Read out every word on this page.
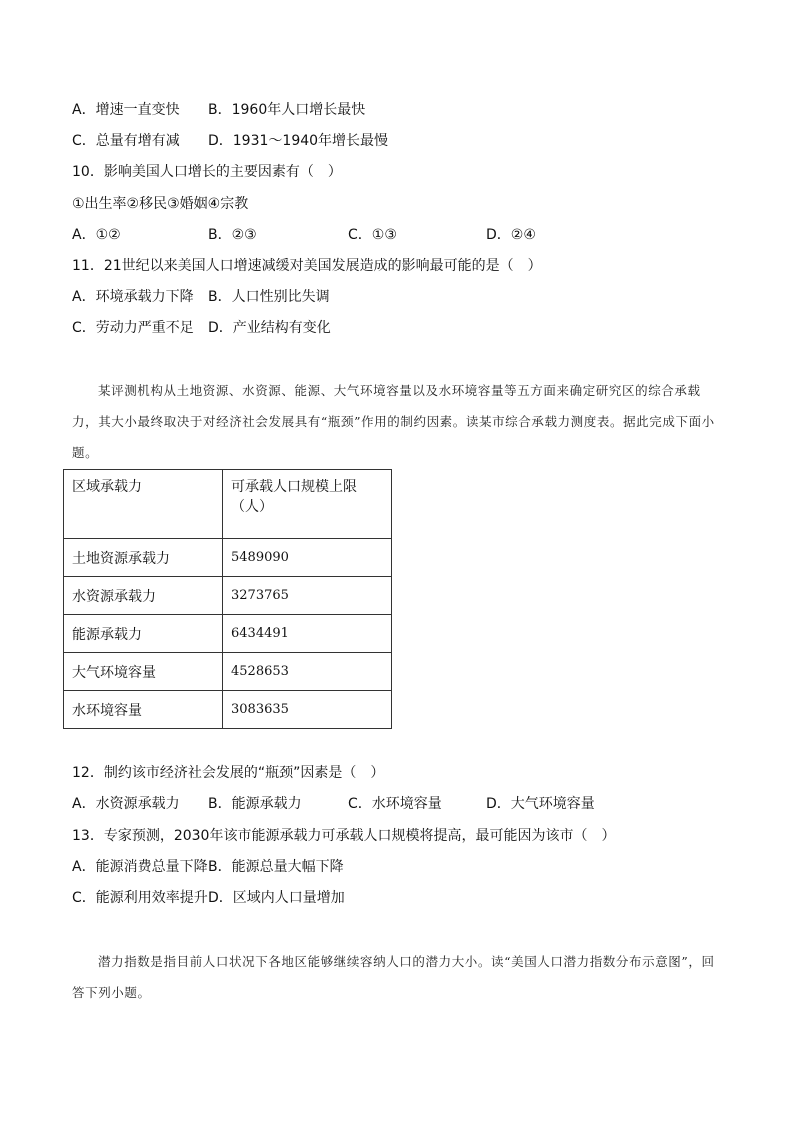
A．增速一直变快 B．1960年人口增长最快
C．总量有增有减 D．1931～1940年增长最慢
10．影响美国人口增长的主要因素有（　）
①出生率②移民③婚姻④宗教
A．①②	B．②③	C．①③	D．②④
11．21世纪以来美国人口增速减缓对美国发展造成的影响最可能的是（　）
A．环境承载力下降 B．人口性别比失调
C．劳动力严重不足 D．产业结构有变化
某评测机构从土地资源、水资源、能源、大气环境容量以及水环境容量等五方面来确定研究区的综合承载力，其大小最终取决于对经济社会发展具有“瓶颈”作用的制约因素。读某市综合承载力测度表。据此完成下面小题。
区域承载力	可承载人口规模上限（人）
土地资源承载力	5489090
水资源承载力	3273765
能源承载力	6434491
大气环境容量	4528653
水环境容量	3083635
12．制约该市经济社会发展的“瓶颈”因素是（　）
A．水资源承载力 B．能源承载力	C．水环境容量	D．大气环境容量
13．专家预测，2030年该市能源承载力可承载人口规模将提高，最可能因为该市（　）
A．能源消费总量下降 B．能源总量大幅下降
C．能源利用效率提升 D．区域内人口量增加
潜力指数是指目前人口状况下各地区能够继续容纳人口的潜力大小。读“美国人口潜力指数分布示意图”，回答下列小题。
